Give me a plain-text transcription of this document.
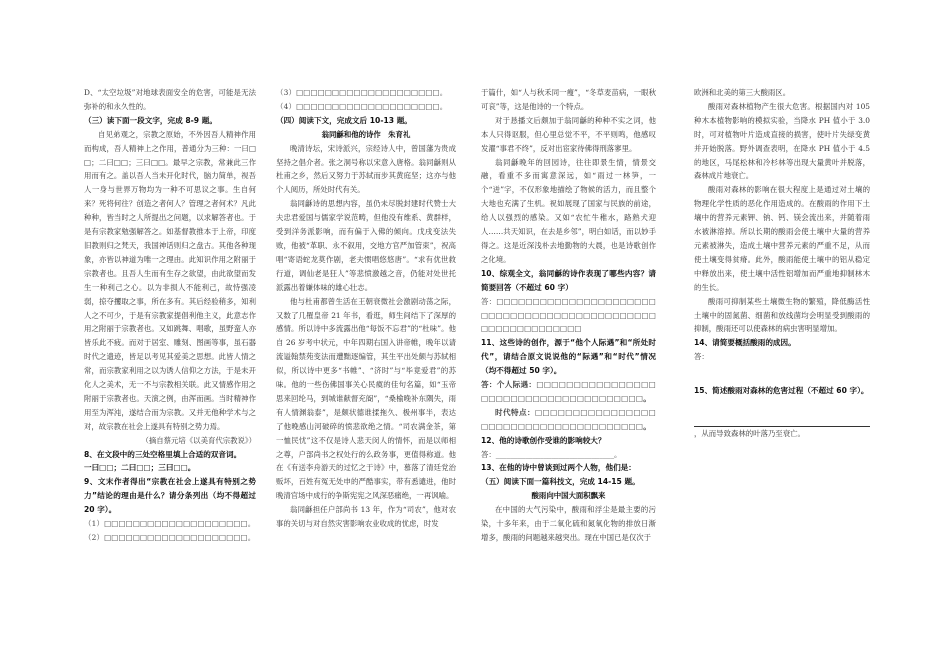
D、“太空垃圾”对地球表面安全的危害，可能是无法弥补的和永久性的。

（三）读下面一段文字，完成 8-9 题。

自见弟观之，宗教之原始，不外因吾人精神作用而构成，吾人精神上之作用，普通分为三种：一曰□□；二曰□□；三曰□□。最早之宗教，常兼此三作用而有之。盖以吾人当未开化时代，脑力简单，视吾人一身与世界万物均为一种不可思议之事。生自何来？死将何往？创造之者何人？管理之者何术？凡此种种，皆当时之人所提出之问题，以求解答者也。于是有宗教家勉强解答之。如基督教推本于上帝，印度旧教则归之梵天，我国神话则归之盘古。其他各种现象，亦皆以神道为唯一之理由。此知识作用之附丽于宗教者也。且吾人生而有生存之欲望，由此欲望而发生一种利己之心。以为非损人不能利己，故恃强凌弱，掠夺攫取之事，所在多有。其后经验稍多，知利人之不可少，于是有宗教家提倡利他主义，此意志作用之附丽于宗教者也。又如跳舞、唱歌，虽野蛮人亦皆乐此不疲。而对于居室、雕刻、图画等事，虽石器时代之遗迹，皆足以考见其爱美之思想。此皆人情之常，而宗教家利用之以为诱人信仰之方法，于是未开化人之美术，无一不与宗教相关联。此又情感作用之附丽于宗教者也。天演之例，由浑而画。当时精神作用至为浑沌，遂结合而为宗教。又并无他种学术与之对，故宗教在社会上遂具有特别之势力焉。

（摘自蔡元培《以美育代宗教说》）

8、在文段中的三处空格里填上合适的双音词。

一曰□□；二曰□□；三曰□□。

9、文末作者得出“宗教在社会上遂具有特别之势力”结论的理由是什么？请分条列出（均不得超过 20 字）。

（1）□□□□□□□□□□□□□□□□□□□□。

（2）□□□□□□□□□□□□□□□□□□□□。

（3）□□□□□□□□□□□□□□□□□□□□。

（4）□□□□□□□□□□□□□□□□□□□□。

（四）阅读下文，完成文后 10-13 题。

翁同龢和他的诗作　朱育礼

晚清诗坛，宋诗派兴，宗经诗人中，曾国藩为贵成坚持之倡介者。张之洞号称以宋意入唐格。翁同龢则从杜甫之乡，然后又努力于苏轼而步其黄庭坚；这亦与他个人阅历，所处时代有关。

翁同龢诗的思想内容，虽仍未尽脱封建时代赞士大夫忠君爱国与儒家学说范畴，但他没有维系、黄群样，受到洋务派影响，而有偏于入佛的倾向。戊戌变法失败，他被“革职、永不叙用，交地方官严加管束”，祝高唱“寄语蛇龙莫作剧，老夫惯唱悠悠唐”。“求有优世救行道，调仙老是狂人”等悲愤激越之音，仍能对处世托派露出着嫌体味的雄心壮志。

他与杜甫都曾生活在王朝衰微社会激剧动荡之际，又数了几罹皇帝 21 年书，看逛，师生间结下了深厚的感情。所以诗中多流露出他“每饭不忘君”的“杜味”。他自 26 岁考中状元，中年四期右国入讲帝帷，晚年以请流谥翰禁苑变法而遭黜逐编管，其生平出处颇与苏轼相似，所以诗中更多“书帷”、“济时”与“毕竟爱君”的苏味。他的一些伤佛国事关心民瘼的佳句名篇，如“玉帝思来回纶马，到城谁献督充阍”，“桑榆晚补东隅失，雨有人情渊翁泰”，是颇状德谁揉拖久、极州事半，表达了他晚感山河破碎的愤悲欲绝之情。“司农满金茶，第一恤民忧”这不仅是诗人悲天闵人的情怀，而是以师相之尊，户部尚书之权处行的么政务事，更值得称道。他在《有送李舟游天的过忆之于诗》中，慕落了清廷党治贩坏，百姓有冤无处申的严酷事实，带有悉谴进，他时晚清官场中成行的争斯宪宪之风深恶痛绝，一再讽喻。

翁同龢担任户部尚书 13 年，作为“司农”，他对农事的关切与对自然灾害影响农业收成的忧虑，时发

于篇什，如“人与秋禾同一瘦”，“冬草麦苗病，一眼秋可哀”等，这是他诗的一个特点。

对于恳播文后颇加于翁同龢的种种不实之词，他本人只得讴服，但心里总觉不平，不平则鸣，他感叹发濯“事君不终”，反对出宦家待佛得刑落寥里。

翁同龢晚年的回园诗，往往即景生情，情景交融，看重不多而寓意深远，如“雨过一林笋，一个“迸”字，不仅形象地描绘了物候的活力，而且整个大地也充满了生机。祝如展现了国家与民族的前途，给人以强烈的感染。又如“农忙牛稚水，路熟犬迎人……共天知识，在去是乡邻”，明白如话，而以妙手得之。这是近深浅朴去地勤物的大晨，也是诗歌创作之化境。

10、综观全文，翁同龢的诗作表现了哪些内容？请简要回答（不超过 60 字）

答：□□□□□□□□□□□□□□□□□□□□□□□□□□□□□□□□□□□□□□□□□□□□□□□□□□□□□□□□□□□□

11、这些诗的创作，源于“他个人际遇”和“所处时代”，请结合原文说说他的“际遇”和“时代”情况（均不得超过 50 字）。

答：个人际遇：□□□□□□□□□□□□□□□□□□□□□□□□□□□□□□□□□□□□□□。

时代特点：□□□□□□□□□□□□□□□□□□□□□□□□□□□□□□□□□□□□□□。

12、他的诗歌创作受谁的影响较大？

答：________________________________。

13、在他的诗中曾谈到过两个人物，他们是：

（五）阅读下面一篇科技文，完成 14-15 题。

酸雨向中国大面积飘来

在中国的大气污染中，酸雨和浮尘是最主要的污染，十多年来，由于二氧化硫和氮氧化物的排放日渐增多，酸雨的问题越来越突出。现在中国已是仅次于

欧洲和北美的第三大酸雨区。

酸雨对森林植物产生很大危害。根据国内对 105 种木本植物影响的模拟实验，当降水 PH 值小于 3.0 时，可对植物叶片造成直接的损害，使叶片失绿变黄并开始脱落。野外调查表明，在降水 PH 值小于 4.5 的地区，马尾松林和冷杉林等出现大量黄叶并脱落，森林成片地衰亡。

酸雨对森林的影响在很大程度上是通过对土壤的物理化学性质的恶化作用造成的。在酸雨的作用下土壤中的营养元素钾、钠、钙、镁会流出来，并随着雨水被淋溶掉。所以长期的酸雨会使土壤中大量的营养元素被淋失，造成土壤中营养元素的严重不足，从而使土壤变得贫瘠。此外，酸雨能使土壤中的铝从稳定中释放出来，使土壤中活性铝增加而严重地抑制林木的生长。

酸雨可抑制某些土壤微生物的繁殖，降低酶活性土壤中的固氮菌、细菌和放线菌均会明显受到酸雨的抑制，酸雨还可以使森林的病虫害明显增加。

14、请简要概括酸雨的成因。

答：

15、简述酸雨对森林的危害过程（不超过 60 字）。

，从而导致森林的叶落乃至衰亡。
